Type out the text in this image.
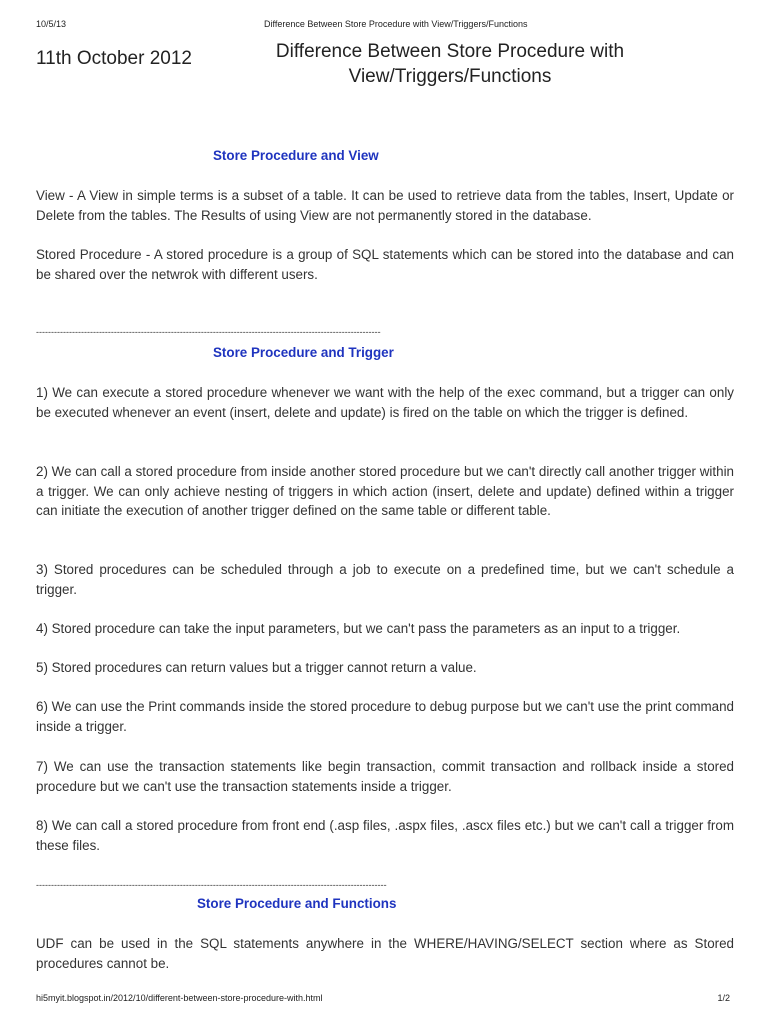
10/5/13	Difference Between Store Procedure with View/Triggers/Functions
11th October 2012	Difference Between Store Procedure with View/Triggers/Functions
Store Procedure and View

View - A View in simple terms is a subset of a table. It can be used to retrieve data from the tables, Insert, Update or Delete from the tables. The Results of using View are not permanently stored in the database.

Stored Procedure - A stored procedure is a group of SQL statements which can be stored into the database and can be shared over the netwrok with different users.

-------------------------------------------------------------------------------------------------------------------
Store Procedure and Trigger

1) We can execute a stored procedure whenever we want with the help of the exec command, but a trigger can only be executed whenever an event (insert, delete and update) is fired on the table on which the trigger is defined.

2) We can call a stored procedure from inside another stored procedure but we can't directly call another trigger within a trigger. We can only achieve nesting of triggers in which action (insert, delete and update) defined within a trigger can initiate the execution of another trigger defined on the same table or different table.

3) Stored procedures can be scheduled through a job to execute on a predefined time, but we can't schedule a trigger.

4) Stored procedure can take the input parameters, but we can't pass the parameters as an input to a trigger.

5) Stored procedures can return values but a trigger cannot return a value.

6) We can use the Print commands inside the stored procedure to debug purpose but we can't use the print command inside a trigger.

7) We can use the transaction statements like begin transaction, commit transaction and rollback inside a stored procedure but we can't use the transaction statements inside a trigger.

8) We can call a stored procedure from front end (.asp files, .aspx files, .ascx files etc.) but we can't call a trigger from these files.

---------------------------------------------------------------------------------------------------------------------
Store Procedure and Functions

UDF can be used in the SQL statements anywhere in the WHERE/HAVING/SELECT section where as Stored procedures cannot be.

hi5myit.blogspot.in/2012/10/different-between-store-procedure-with.html	1/2
